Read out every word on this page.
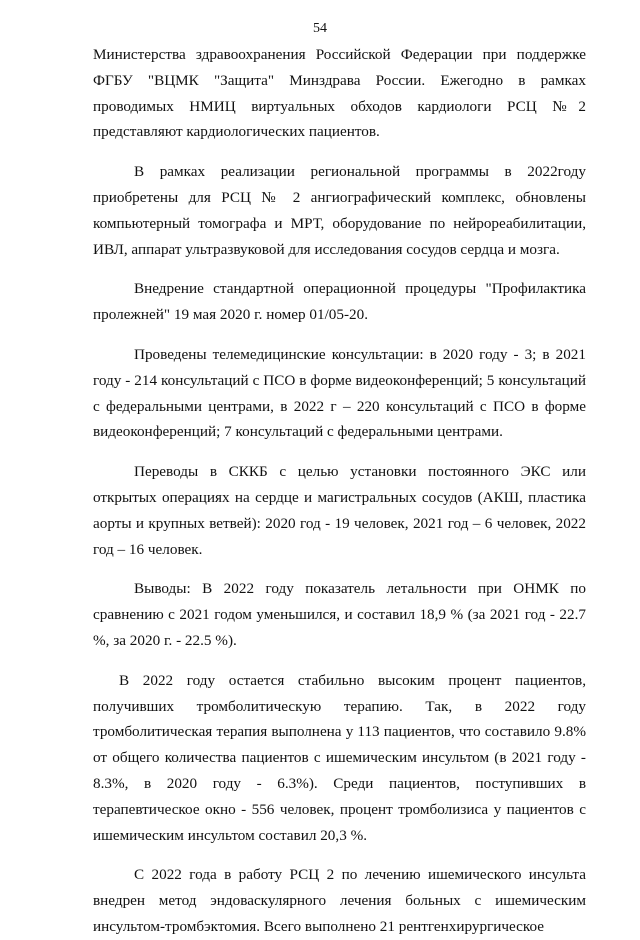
54

Министерства здравоохранения Российской Федерации при поддержке ФГБУ "ВЦМК "Защита" Минздрава России. Ежегодно в рамках проводимых НМИЦ виртуальных обходов кардиологи РСЦ №2 представляют кардиологических пациентов.

В рамках реализации региональной программы в 2022году приобретены для РСЦ № 2 ангиографический комплекс, обновлены компьютерный томографа и МРТ, оборудование по нейрореабилитации, ИВЛ, аппарат ультразвуковой для исследования сосудов сердца и мозга.

Внедрение стандартной операционной процедуры "Профилактика пролежней" 19 мая 2020 г. номер 01/05-20.

Проведены телемедицинские консультации: в 2020 году - 3; в 2021 году - 214 консультаций с ПСО в форме видеоконференций; 5 консультаций с федеральными центрами, в 2022 г – 220 консультаций с ПСО в форме видеоконференций; 7 консультаций с федеральными центрами.

Переводы в СККБ с целью установки постоянного ЭКС или открытых операциях на сердце и магистральных сосудов (АКШ, пластика аорты и крупных ветвей): 2020 год - 19 человек, 2021 год – 6 человек, 2022 год – 16 человек.

Выводы: В 2022 году показатель летальности при ОНМК по сравнению с 2021 годом уменьшился, и составил 18,9 % (за 2021 год - 22.7 %, за 2020 г. - 22.5 %).

В 2022 году остается стабильно высоким процент пациентов, получивших тромболитическую терапию. Так, в 2022 году тромболитическая терапия выполнена у 113 пациентов, что составило 9.8% от общего количества пациентов с ишемическим инсультом (в 2021 году - 8.3%, в 2020 году - 6.3%). Среди пациентов, поступивших в терапевтическое окно - 556 человек, процент тромболизиса у пациентов с ишемическим инсультом составил 20,3 %.

С 2022 года в работу РСЦ 2 по лечению ишемического инсульта внедрен метод эндоваскулярного лечения больных с ишемическим инсультом-тромбэктомия. Всего выполнено 21 рентгенхирургическое
